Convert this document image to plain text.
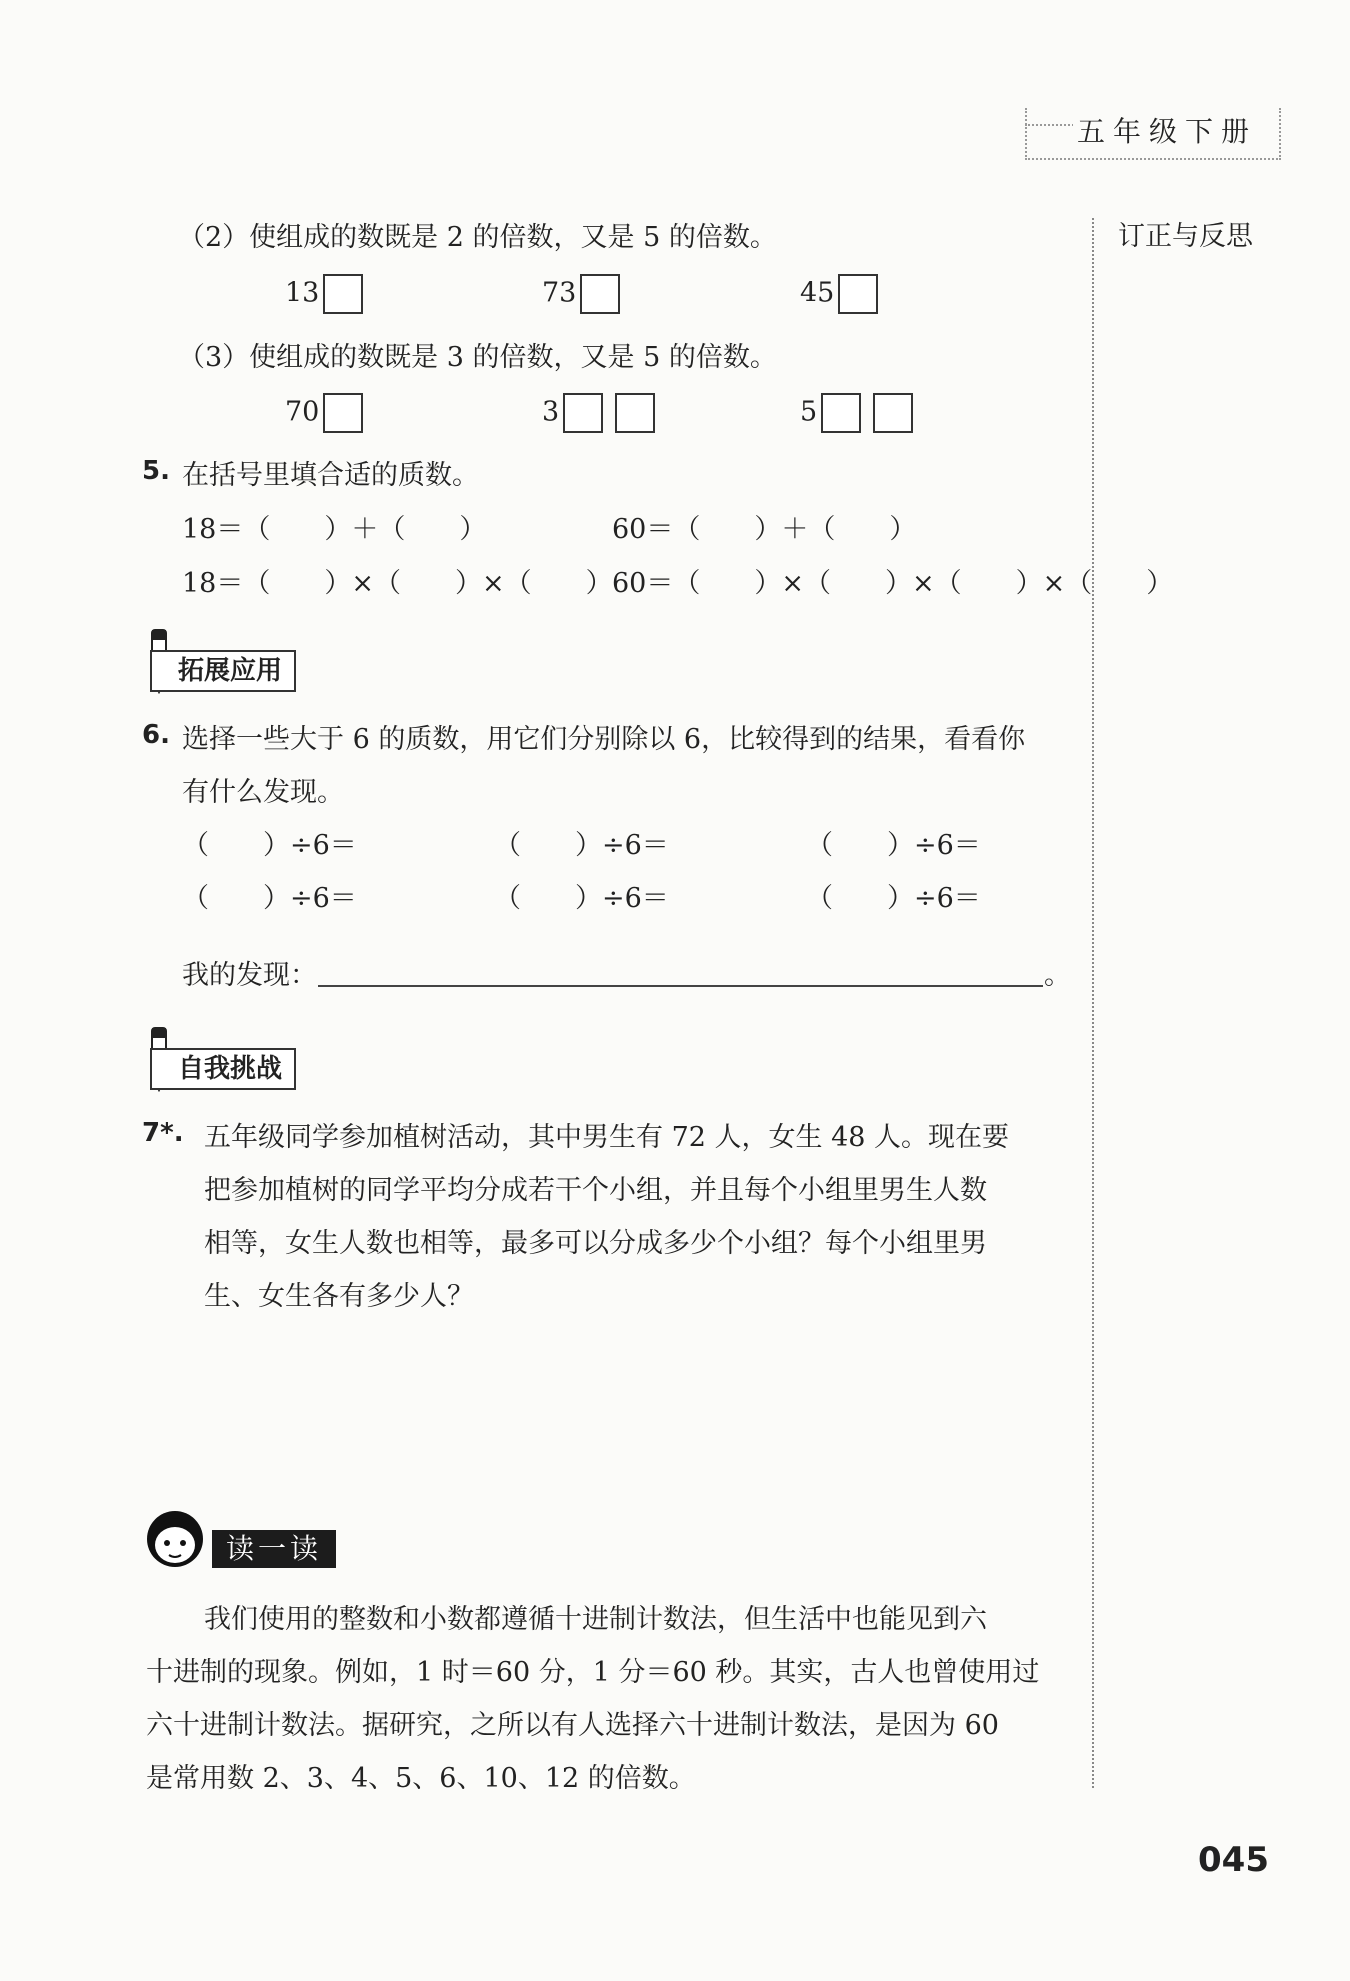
五年级下册
订正与反思
（2）使组成的数既是 2 的倍数，又是 5 的倍数。
13	73	45
（3）使组成的数既是 3 的倍数，又是 5 的倍数。
70	3	5
5. 在括号里填合适的质数。
18＝（　　）＋（　　）	60＝（　　）＋（　　）
18＝（　　）×（　　）×（　　） 60＝（　　）×（　　）×（　　）×（　　）
拓展应用
6. 选择一些大于 6 的质数，用它们分别除以 6，比较得到的结果，看看你
有什么发现。
（　　）÷6＝	（　　）÷6＝	（　　）÷6＝
（　　）÷6＝	（　　）÷6＝	（　　）÷6＝
我的发现：	。
自我挑战
7*. 五年级同学参加植树活动，其中男生有 72 人，女生 48 人。现在要
把参加植树的同学平均分成若干个小组，并且每个小组里男生人数
相等，女生人数也相等，最多可以分成多少个小组？每个小组里男
生、女生各有多少人？
读一读
我们使用的整数和小数都遵循十进制计数法，但生活中也能见到六
十进制的现象。例如，1 时＝60 分，1 分＝60 秒。其实，古人也曾使用过
六十进制计数法。据研究，之所以有人选择六十进制计数法，是因为 60
是常用数 2、3、4、5、6、10、12 的倍数。
045
